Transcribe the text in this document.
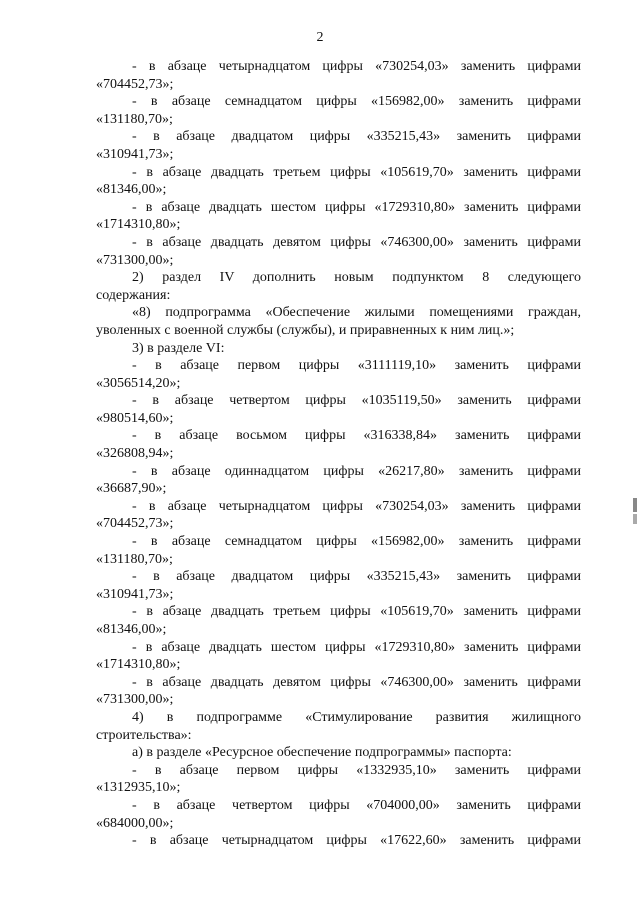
2
- в абзаце четырнадцатом цифры «730254,03» заменить цифрами
«704452,73»;
- в абзаце семнадцатом цифры «156982,00» заменить цифрами
«131180,70»;
- в абзаце двадцатом цифры «335215,43» заменить цифрами
«310941,73»;
- в абзаце двадцать третьем цифры «105619,70» заменить цифрами
«81346,00»;
- в абзаце двадцать шестом цифры «1729310,80» заменить цифрами
«1714310,80»;
- в абзаце двадцать девятом цифры «746300,00» заменить цифрами
«731300,00»;
2) раздел IV дополнить новым подпунктом 8 следующего
содержания:
«8) подпрограмма «Обеспечение жилыми помещениями граждан,
уволенных с военной службы (службы), и приравненных к ним лиц.»;
3) в разделе VI:
- в абзаце первом цифры «3111119,10» заменить цифрами
«3056514,20»;
- в абзаце четвертом цифры «1035119,50» заменить цифрами
«980514,60»;
- в абзаце восьмом цифры «316338,84» заменить цифрами
«326808,94»;
- в абзаце одиннадцатом цифры «26217,80» заменить цифрами
«36687,90»;
- в абзаце четырнадцатом цифры «730254,03» заменить цифрами
«704452,73»;
- в абзаце семнадцатом цифры «156982,00» заменить цифрами
«131180,70»;
- в абзаце двадцатом цифры «335215,43» заменить цифрами
«310941,73»;
- в абзаце двадцать третьем цифры «105619,70» заменить цифрами
«81346,00»;
- в абзаце двадцать шестом цифры «1729310,80» заменить цифрами
«1714310,80»;
- в абзаце двадцать девятом цифры «746300,00» заменить цифрами
«731300,00»;
4) в подпрограмме «Стимулирование развития жилищного
строительства»:
а) в разделе «Ресурсное обеспечение подпрограммы» паспорта:
- в абзаце первом цифры «1332935,10» заменить цифрами
«1312935,10»;
- в абзаце четвертом цифры «704000,00» заменить цифрами
«684000,00»;
- в абзаце четырнадцатом цифры «17622,60» заменить цифрами
